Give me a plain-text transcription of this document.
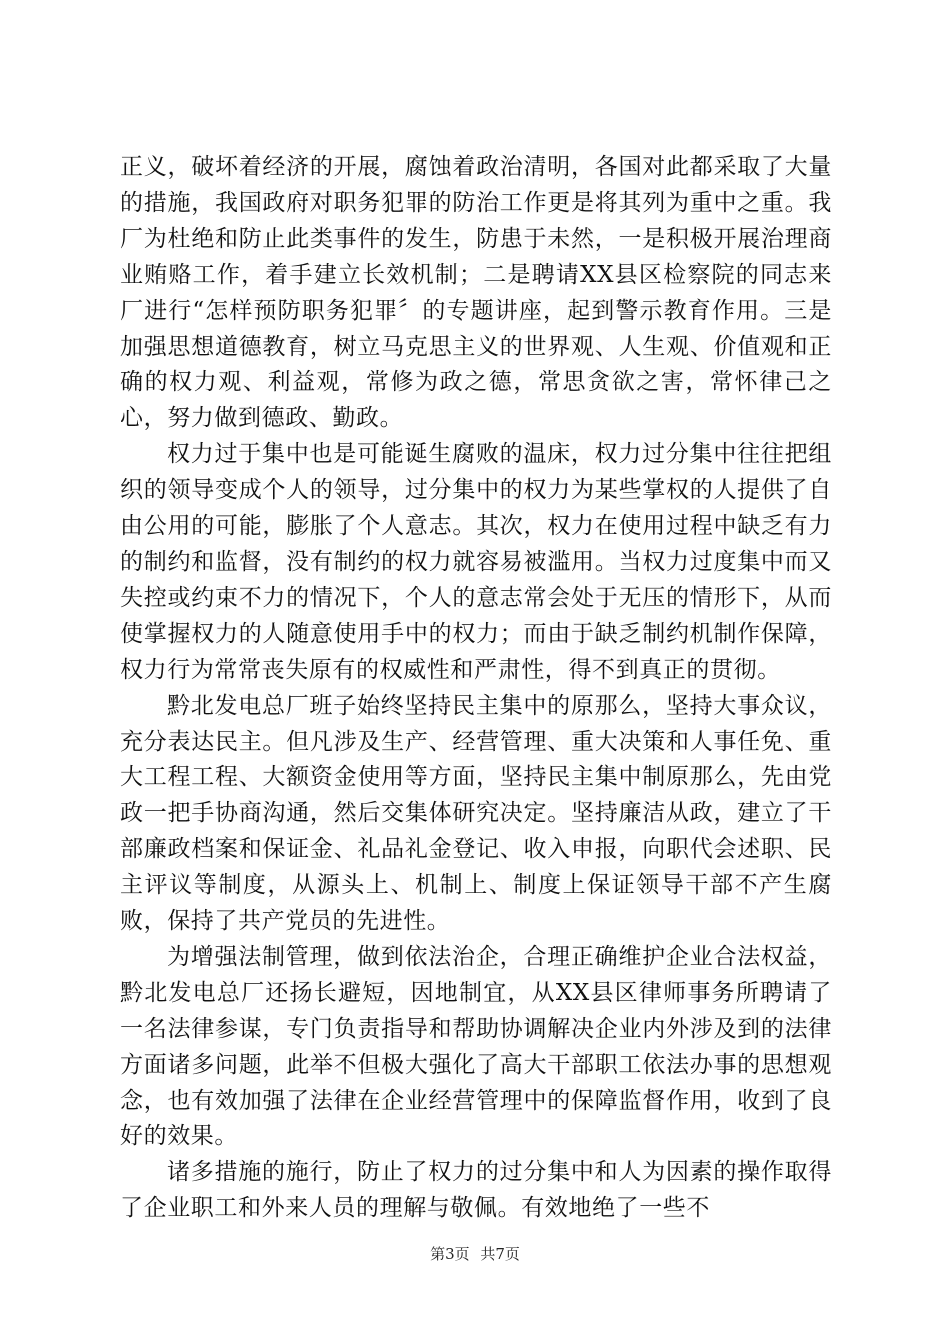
正义，破坏着经济的开展，腐蚀着政治清明，各国对此都采取了大量的措施，我国政府对职务犯罪的防治工作更是将其列为重中之重。我厂为杜绝和防止此类事件的发生，防患于未然，一是积极开展治理商业贿赂工作，着手建立长效机制；二是聘请XX县区检察院的同志来厂进行“怎样预防职务犯罪〞的专题讲座，起到警示教育作用。三是加强思想道德教育，树立马克思主义的世界观、人生观、价值观和正确的权力观、利益观，常修为政之德，常思贪欲之害，常怀律己之心，努力做到德政、勤政。

权力过于集中也是可能诞生腐败的温床，权力过分集中往往把组织的领导变成个人的领导，过分集中的权力为某些掌权的人提供了自由公用的可能，膨胀了个人意志。其次，权力在使用过程中缺乏有力的制约和监督，没有制约的权力就容易被滥用。当权力过度集中而又失控或约束不力的情况下，个人的意志常会处于无压的情形下，从而使掌握权力的人随意使用手中的权力；而由于缺乏制约机制作保障，权力行为常常丧失原有的权威性和严肃性，得不到真正的贯彻。

黔北发电总厂班子始终坚持民主集中的原那么，坚持大事众议，充分表达民主。但凡涉及生产、经营管理、重大决策和人事任免、重大工程工程、大额资金使用等方面，坚持民主集中制原那么，先由党政一把手协商沟通，然后交集体研究决定。坚持廉洁从政，建立了干部廉政档案和保证金、礼品礼金登记、收入申报，向职代会述职、民主评议等制度，从源头上、机制上、制度上保证领导干部不产生腐败，保持了共产党员的先进性。

为增强法制管理，做到依法治企，合理正确维护企业合法权益，黔北发电总厂还扬长避短，因地制宜，从XX县区律师事务所聘请了一名法律参谋，专门负责指导和帮助协调解决企业内外涉及到的法律方面诸多问题，此举不但极大强化了高大干部职工依法办事的思想观念，也有效加强了法律在企业经营管理中的保障监督作用，收到了良好的效果。

诸多措施的施行，防止了权力的过分集中和人为因素的操作取得了企业职工和外来人员的理解与敬佩。有效地绝了一些不

第3页 共7页
